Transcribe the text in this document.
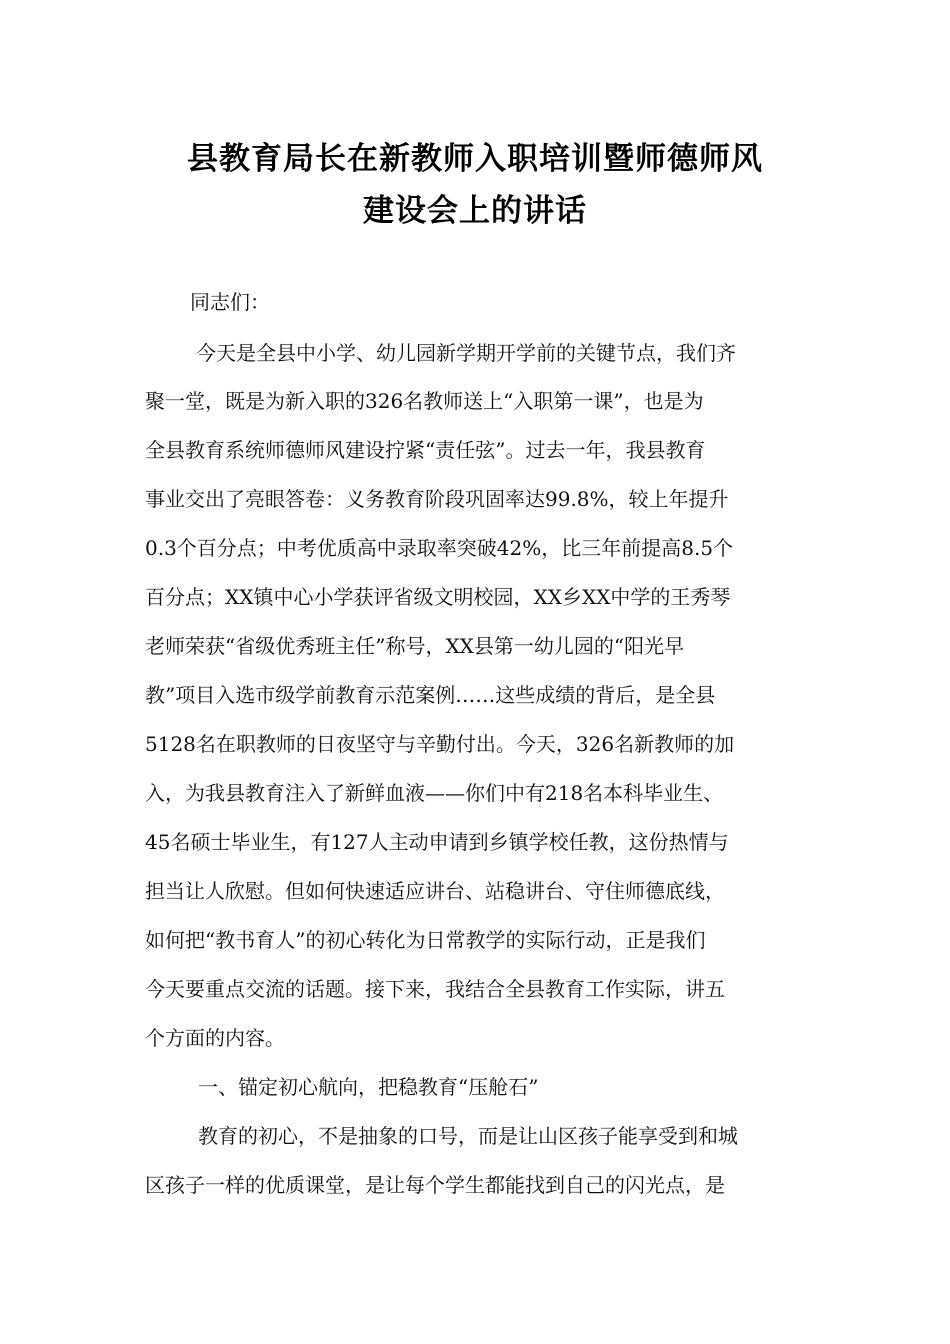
县教育局长在新教师入职培训暨师德师风
建设会上的讲话

同志们：

今天是全县中小学、幼儿园新学期开学前的关键节点，我们齐

聚一堂，既是为新入职的326名教师送上“入职第一课”，也是为

全县教育系统师德师风建设拧紧“责任弦”。过去一年，我县教育

事业交出了亮眼答卷：义务教育阶段巩固率达99.8%，较上年提升

0.3个百分点；中考优质高中录取率突破42%，比三年前提高8.5个

百分点；XX镇中心小学获评省级文明校园，XX乡XX中学的王秀琴

老师荣获“省级优秀班主任”称号，XX县第一幼儿园的“阳光早

教”项目入选市级学前教育示范案例……这些成绩的背后，是全县

5128名在职教师的日夜坚守与辛勤付出。今天，326名新教师的加

入，为我县教育注入了新鲜血液——你们中有218名本科毕业生、

45名硕士毕业生，有127人主动申请到乡镇学校任教，这份热情与

担当让人欣慰。但如何快速适应讲台、站稳讲台、守住师德底线，

如何把“教书育人”的初心转化为日常教学的实际行动，正是我们

今天要重点交流的话题。接下来，我结合全县教育工作实际，讲五

个方面的内容。

一、锚定初心航向，把稳教育“压舱石”

教育的初心，不是抽象的口号，而是让山区孩子能享受到和城

区孩子一样的优质课堂，是让每个学生都能找到自己的闪光点，是
